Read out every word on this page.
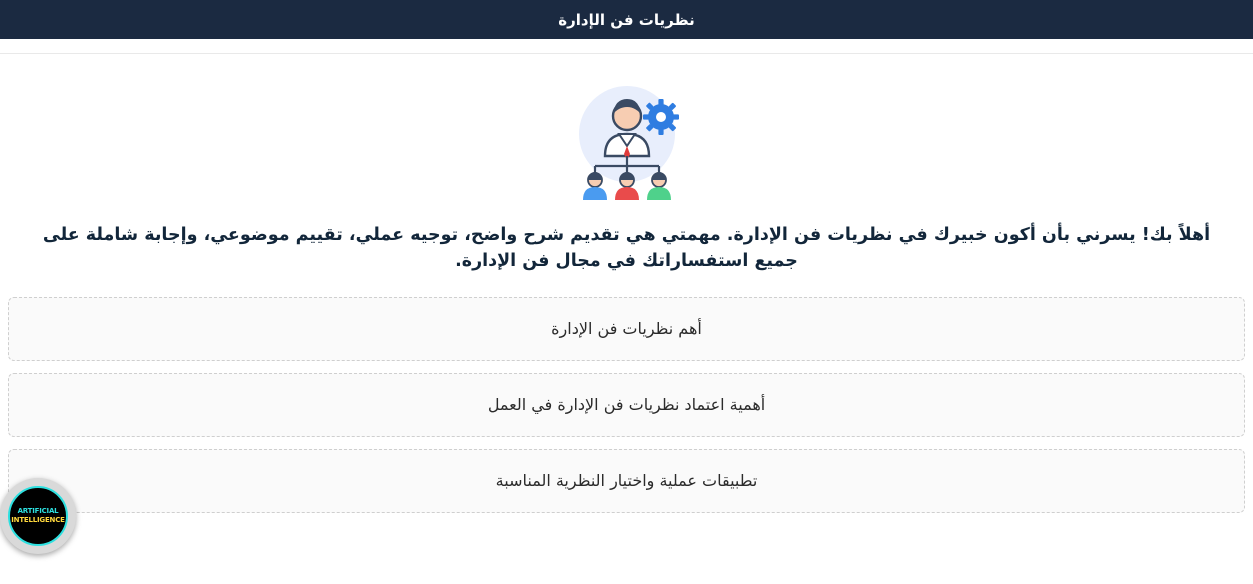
نظريات فن الإدارة

أهلاً بك! يسرني بأن أكون خبيرك في نظريات فن الإدارة. مهمتي هي تقديم شرح واضح، توجيه عملي، تقييم موضوعي، وإجابة شاملة على جميع استفساراتك في مجال فن الإدارة.

أهم نظريات فن الإدارة
أهمية اعتماد نظريات فن الإدارة في العمل
تطبيقات عملية واختيار النظرية المناسبة
ARTIFICIAL
INTELLIGENCE
